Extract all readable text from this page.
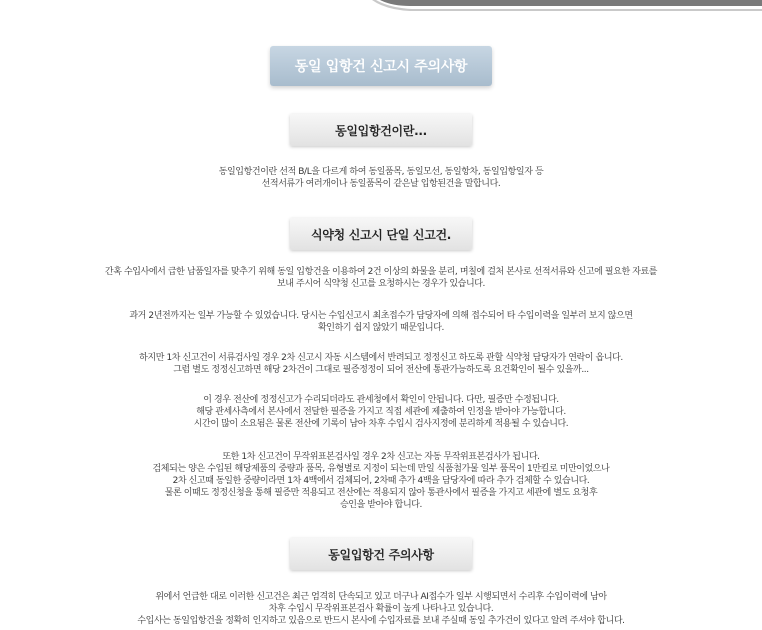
동일 입항건 신고시 주의사항
동일입항건이란...
동일입항건이란 선적 B/L을 다르게 하여 동일품목, 동일모선, 동일항차, 동일입항일자 등
선적서류가 여러개이나 동일품목이 같은날 입항된건을 말합니다.
식약청 신고시 단일 신고건.
간혹 수입사에서 급한 납품일자를 맞추기 위해 동일 입항건을 이용하여 2건 이상의 화물을 분리, 며칠에 걸처 본사로 선적서류와 신고에 필요한 자료를
보내 주시어 식약청 신고를 요청하시는 경우가 있습니다.
과거 2년전까지는 일부 가능할 수 있었습니다. 당시는 수입신고시 최초접수가 담당자에 의해 접수되어 타 수입이력을 일부러 보지 않으면
확인하기 쉽지 않았기 때문입니다.
하지만 1차 신고건이 서류검사일 경우 2차 신고시 자동 시스템에서 반려되고 정정신고 하도록 관할 식약청 담당자가 연락이 옵니다.
그럼 별도 정정신고하면 해당 2차건이 그대로 필증정정이 되어 전산에 통관가능하도록 요건확인이 될수 있을까...
이 경우 전산에 정정신고가 수리되더라도 관세청에서 확인이 안됩니다. 다만, 필증만 수정됩니다.
해당 관세사측에서 본사에서 전달한 필증을 가지고 직접 세관에 제출하여 인정을 받아야 가능합니다.
시간이 많이 소요됨은 물론 전산에 기록이 남아 차후 수입시 검사지정에 분리하게 적용될 수 있습니다.
또한 1차 신고건이 무작위표본검사일 경우 2차 신고는 자동 무작위표본검사가 됩니다.
검체되는 양은 수입된 해당제품의 중량과 품목, 유형별로 지정이 되는데 만일 식품첨가물 일부 품목이 1만킬로 미만이었으나
2차 신고때 동일한 중량이라면 1차 4백에서 검체되어, 2차때 추가 4백을 담당자에 따라 추가 검체할 수 있습니다.
물론 이때도 정정신청을 통해 필증만 적용되고 전산에는 적용되지 않아 통관사에서 필증을 가지고 세관에 별도 요청후
승인을 받아야 합니다.
동일입항건 주의사항
위에서 언급한 대로 이러한 신고건은 최근 엄격히 단속되고 있고 더구나 AI접수가 일부 시행되면서 수리후 수입이력에 남아
차후 수입시 무작위표본검사 확률이 높게 나타나고 있습니다.
수입사는 동일입항건을 정확히 인지하고 있음으로 반드시 본사에 수입자료를 보내 주실때 동일 추가건이 있다고 알려 주셔야 합니다.
